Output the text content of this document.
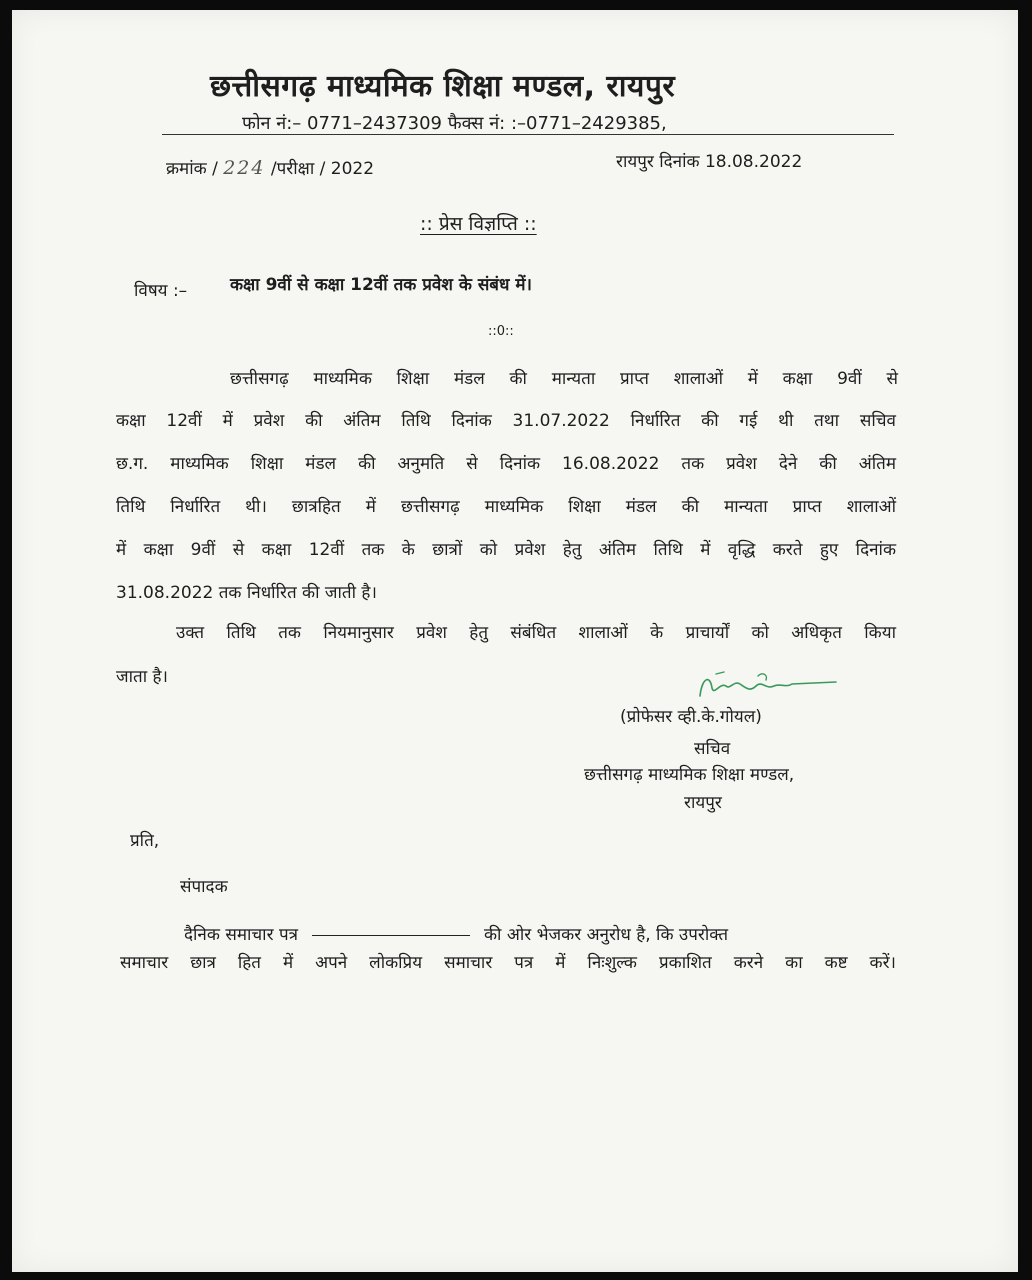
छत्तीसगढ़ माध्यमिक शिक्षा मण्डल, रायपुर
फोन नं:– 0771–2437309 फैक्स नं: :–0771–2429385,
क्रमांक / 224 /परीक्षा / 2022	रायपुर दिनांक 18.08.2022
:: प्रेस विज्ञप्ति ::
विषय :–	कक्षा 9वीं से कक्षा 12वीं तक प्रवेश के संबंध में।
::0::
छत्तीसगढ़ माध्यमिक शिक्षा मंडल की मान्यता प्राप्त शालाओं में कक्षा 9वीं से
कक्षा 12वीं में प्रवेश की अंतिम तिथि दिनांक 31.07.2022 निर्धारित की गई थी तथा सचिव
छ.ग. माध्यमिक शिक्षा मंडल की अनुमति से दिनांक 16.08.2022 तक प्रवेश देने की अंतिम
तिथि निर्धारित थी। छात्रहित में छत्तीसगढ़ माध्यमिक शिक्षा मंडल की मान्यता प्राप्त शालाओं
में कक्षा 9वीं से कक्षा 12वीं तक के छात्रों को प्रवेश हेतु अंतिम तिथि में वृद्धि करते हुए दिनांक
31.08.2022 तक निर्धारित की जाती है।
उक्त तिथि तक नियमानुसार प्रवेश हेतु संबंधित शालाओं के प्राचार्यों को अधिकृत किया
जाता है।
(प्रोफेसर व्ही.के.गोयल)
सचिव
छत्तीसगढ़ माध्यमिक शिक्षा मण्डल,
रायपुर
प्रति,
संपादक
दैनिक समाचार पत्र	की ओर भेजकर अनुरोध है, कि उपरोक्त
समाचार छात्र हित में अपने लोकप्रिय समाचार पत्र में निःशुल्क प्रकाशित करने का कष्ट करें।
